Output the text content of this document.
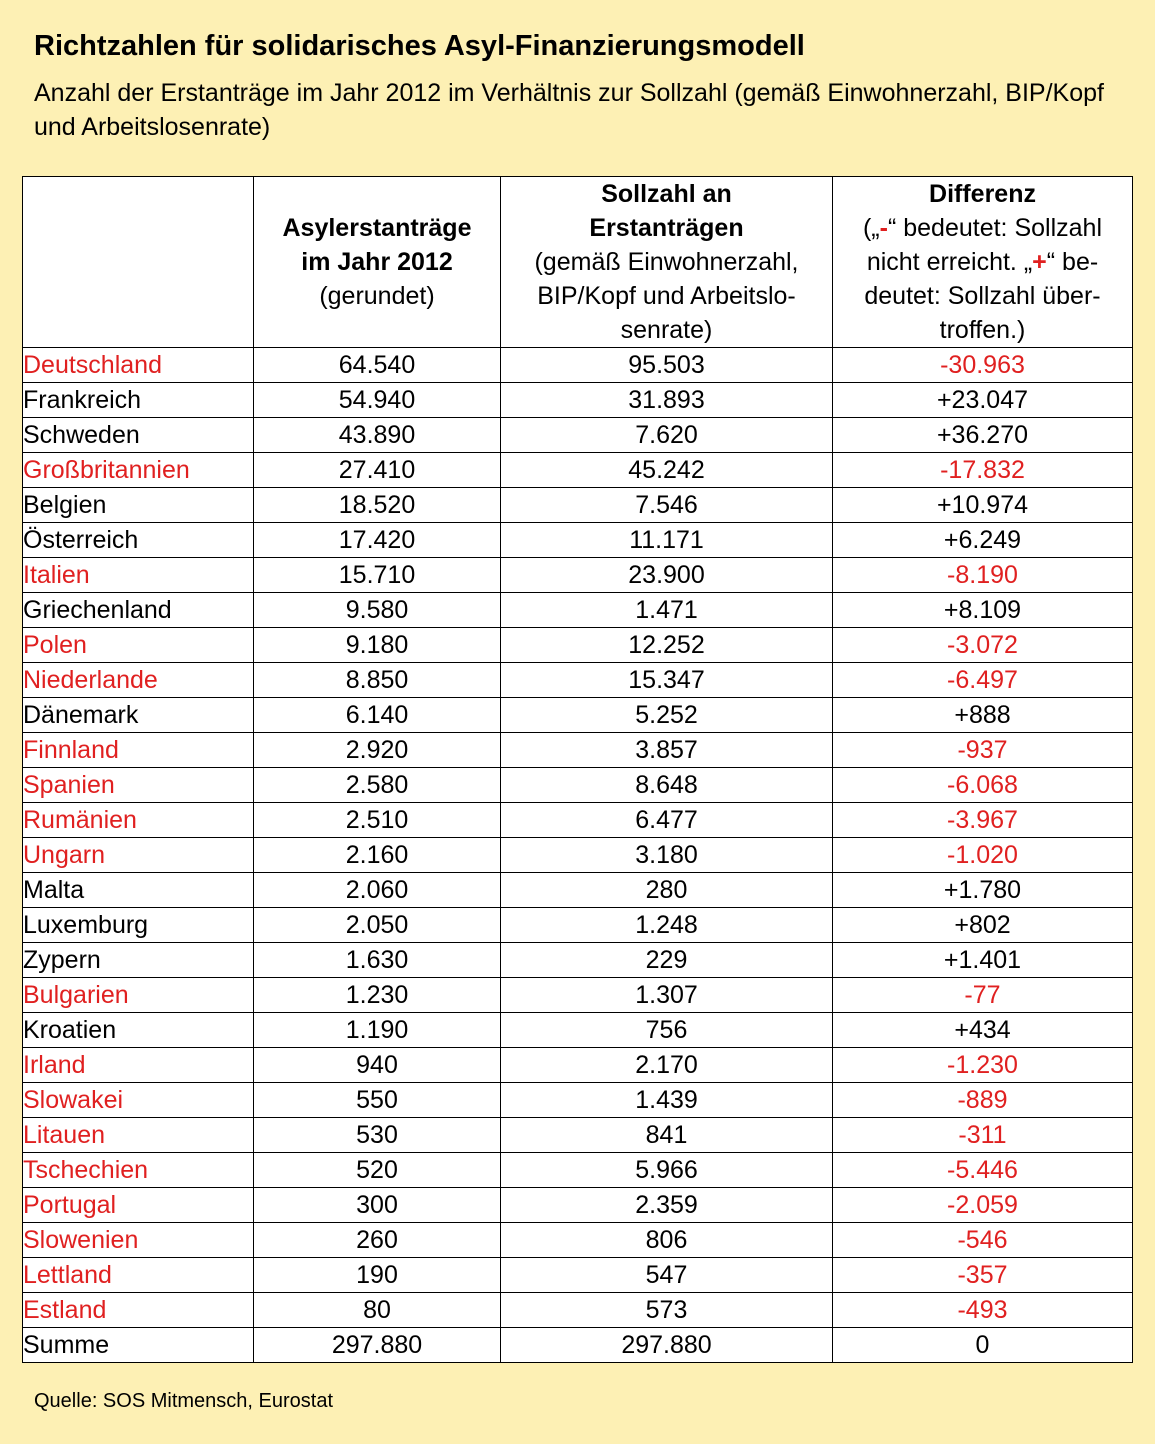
Richtzahlen für solidarisches Asyl-Finanzierungsmodell
Anzahl der Erstanträge im Jahr 2012 im Verhältnis zur Sollzahl (gemäß Einwohnerzahl, BIP/Kopf und Arbeitslosenrate)

	Asylerstanträge
im Jahr 2012
(gerundet)	Sollzahl an
Erstanträgen
(gemäß Einwohnerzahl,
BIP/Kopf und Arbeitslo-
senrate)	Differenz
(„-“ bedeutet: Sollzahl
nicht erreicht. „+“ be-
deutet: Sollzahl über-
troffen.)

Deutschland	64.540	95.503	-30.963
Frankreich	54.940	31.893	+23.047
Schweden	43.890	7.620	+36.270
Großbritannien	27.410	45.242	-17.832
Belgien	18.520	7.546	+10.974
Österreich	17.420	11.171	+6.249
Italien	15.710	23.900	-8.190
Griechenland	9.580	1.471	+8.109
Polen	9.180	12.252	-3.072
Niederlande	8.850	15.347	-6.497
Dänemark	6.140	5.252	+888
Finnland	2.920	3.857	-937
Spanien	2.580	8.648	-6.068
Rumänien	2.510	6.477	-3.967
Ungarn	2.160	3.180	-1.020
Malta	2.060	280	+1.780
Luxemburg	2.050	1.248	+802
Zypern	1.630	229	+1.401
Bulgarien	1.230	1.307	-77
Kroatien	1.190	756	+434
Irland	940	2.170	-1.230
Slowakei	550	1.439	-889
Litauen	530	841	-311
Tschechien	520	5.966	-5.446
Portugal	300	2.359	-2.059
Slowenien	260	806	-546
Lettland	190	547	-357
Estland	80	573	-493
Summe	297.880	297.880	0
Quelle: SOS Mitmensch, Eurostat
